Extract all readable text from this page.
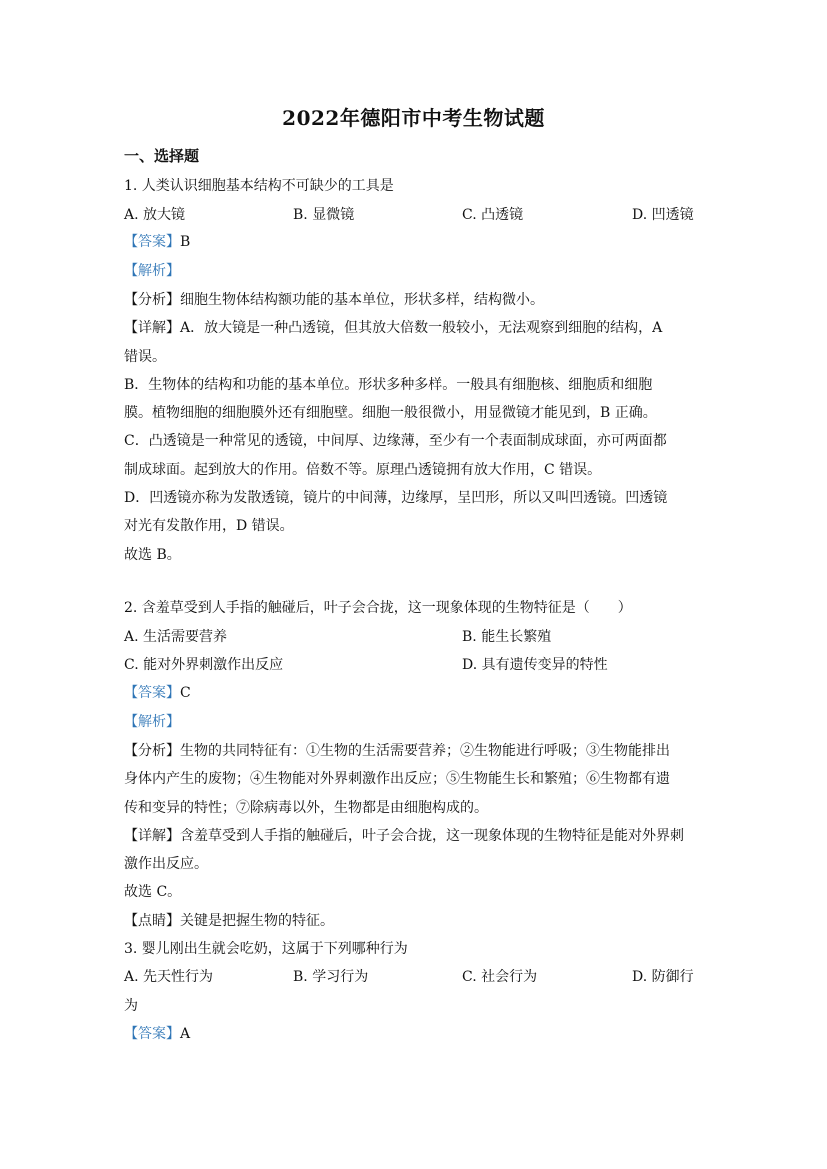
2022年德阳市中考生物试题
一、选择题
1. 人类认识细胞基本结构不可缺少的工具是
A. 放大镜	B. 显微镜	C. 凸透镜	D. 凹透镜
【答案】B
【解析】
【分析】细胞生物体结构额功能的基本单位，形状多样，结构微小。
【详解】A．放大镜是一种凸透镜，但其放大倍数一般较小，无法观察到细胞的结构，A
错误。
B．生物体的结构和功能的基本单位。形状多种多样。一般具有细胞核、细胞质和细胞
膜。植物细胞的细胞膜外还有细胞壁。细胞一般很微小，用显微镜才能见到，B 正确。
C．凸透镜是一种常见的透镜，中间厚、边缘薄，至少有一个表面制成球面，亦可两面都
制成球面。起到放大的作用。倍数不等。原理凸透镜拥有放大作用，C 错误。
D．凹透镜亦称为发散透镜，镜片的中间薄，边缘厚，呈凹形，所以又叫凹透镜。凹透镜
对光有发散作用，D 错误。
故选 B。
2. 含羞草受到人手指的触碰后，叶子会合拢，这一现象体现的生物特征是（　　）
A. 生活需要营养	B. 能生长繁殖
C. 能对外界刺激作出反应	D. 具有遗传变异的特性
【答案】C
【解析】
【分析】生物的共同特征有：①生物的生活需要营养；②生物能进行呼吸；③生物能排出
身体内产生的废物；④生物能对外界刺激作出反应；⑤生物能生长和繁殖；⑥生物都有遗
传和变异的特性；⑦除病毒以外，生物都是由细胞构成的。
【详解】含羞草受到人手指的触碰后，叶子会合拢，这一现象体现的生物特征是能对外界刺
激作出反应。
故选 C。
【点睛】关键是把握生物的特征。
3. 婴儿刚出生就会吃奶，这属于下列哪种行为
A. 先天性行为	B. 学习行为	C. 社会行为	D. 防御行
为
【答案】A
